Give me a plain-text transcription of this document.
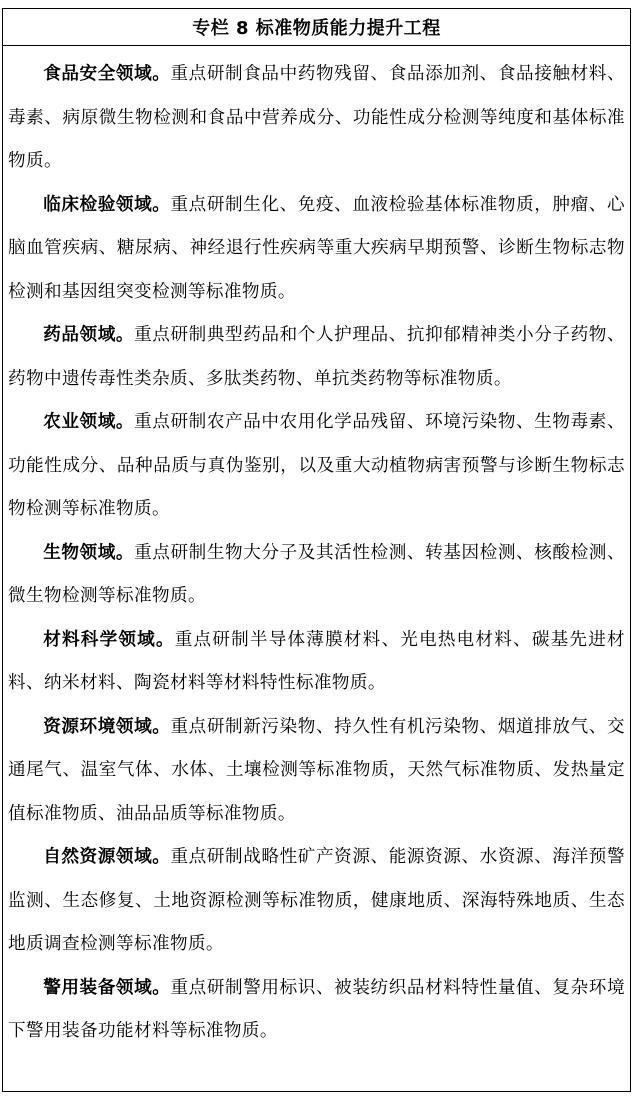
专栏 8 标准物质能力提升工程

食品安全领域。重点研制食品中药物残留、食品添加剂、食品接触材料、毒素、病原微生物检测和食品中营养成分、功能性成分检测等纯度和基体标准物质。

临床检验领域。重点研制生化、免疫、血液检验基体标准物质，肿瘤、心脑血管疾病、糖尿病、神经退行性疾病等重大疾病早期预警、诊断生物标志物检测和基因组突变检测等标准物质。

药品领域。重点研制典型药品和个人护理品、抗抑郁精神类小分子药物、药物中遗传毒性类杂质、多肽类药物、单抗类药物等标准物质。

农业领域。重点研制农产品中农用化学品残留、环境污染物、生物毒素、功能性成分、品种品质与真伪鉴别，以及重大动植物病害预警与诊断生物标志物检测等标准物质。

生物领域。重点研制生物大分子及其活性检测、转基因检测、核酸检测、微生物检测等标准物质。

材料科学领域。重点研制半导体薄膜材料、光电热电材料、碳基先进材料、纳米材料、陶瓷材料等材料特性标准物质。

资源环境领域。重点研制新污染物、持久性有机污染物、烟道排放气、交通尾气、温室气体、水体、土壤检测等标准物质，天然气标准物质、发热量定值标准物质、油品品质等标准物质。

自然资源领域。重点研制战略性矿产资源、能源资源、水资源、海洋预警监测、生态修复、土地资源检测等标准物质，健康地质、深海特殊地质、生态地质调查检测等标准物质。

警用装备领域。重点研制警用标识、被装纺织品材料特性量值、复杂环境下警用装备功能材料等标准物质。
